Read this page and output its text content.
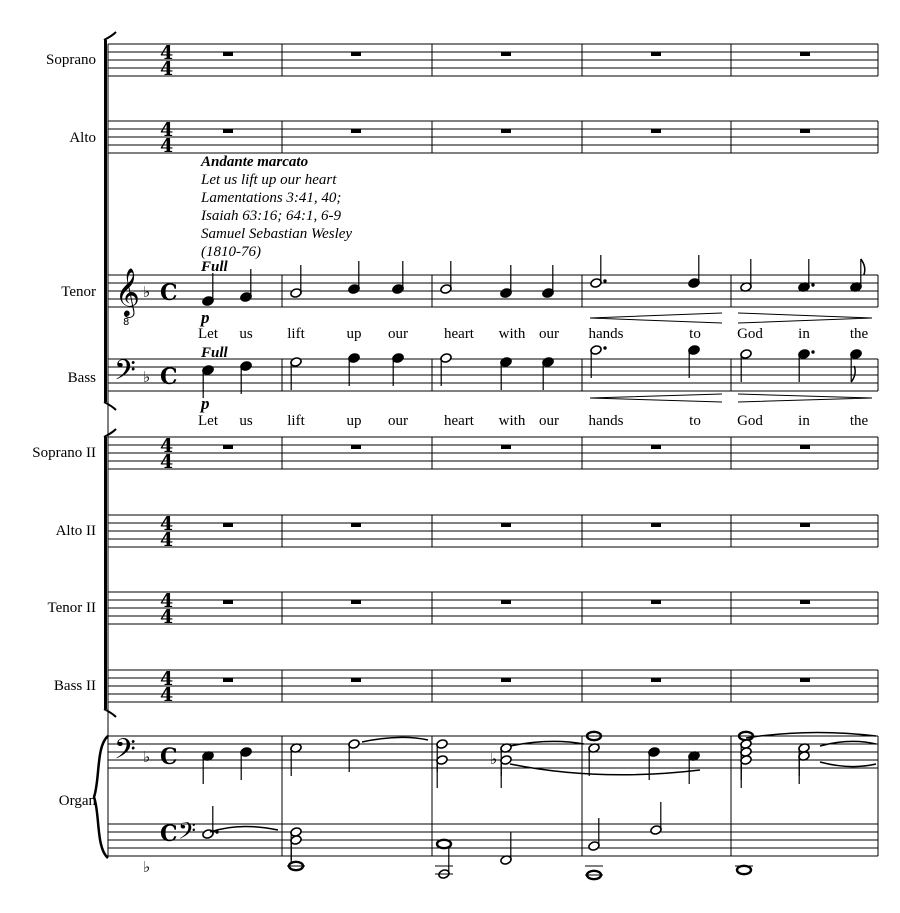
Soprano
Alto
Tenor
Bass
Soprano II
Alto II
Tenor II
Bass II
Organ
𝄞
8
♭ C
𝄢 ♭ C
𝄢 ♭ C
C 𝄢
♭
4
4
4
4
4
4
4
4
4
4
4
4
Andante marcato
Let us lift up our heart
Lamentations 3:41, 40;
Isaiah 63:16; 64:1, 6-9
Samuel Sebastian Wesley
(1810-76)
Full
Full
p
p
Let us lift	up our heart with our hands	to God in	the
Let us lift	up our heart with our hands	to God in	the
♭
